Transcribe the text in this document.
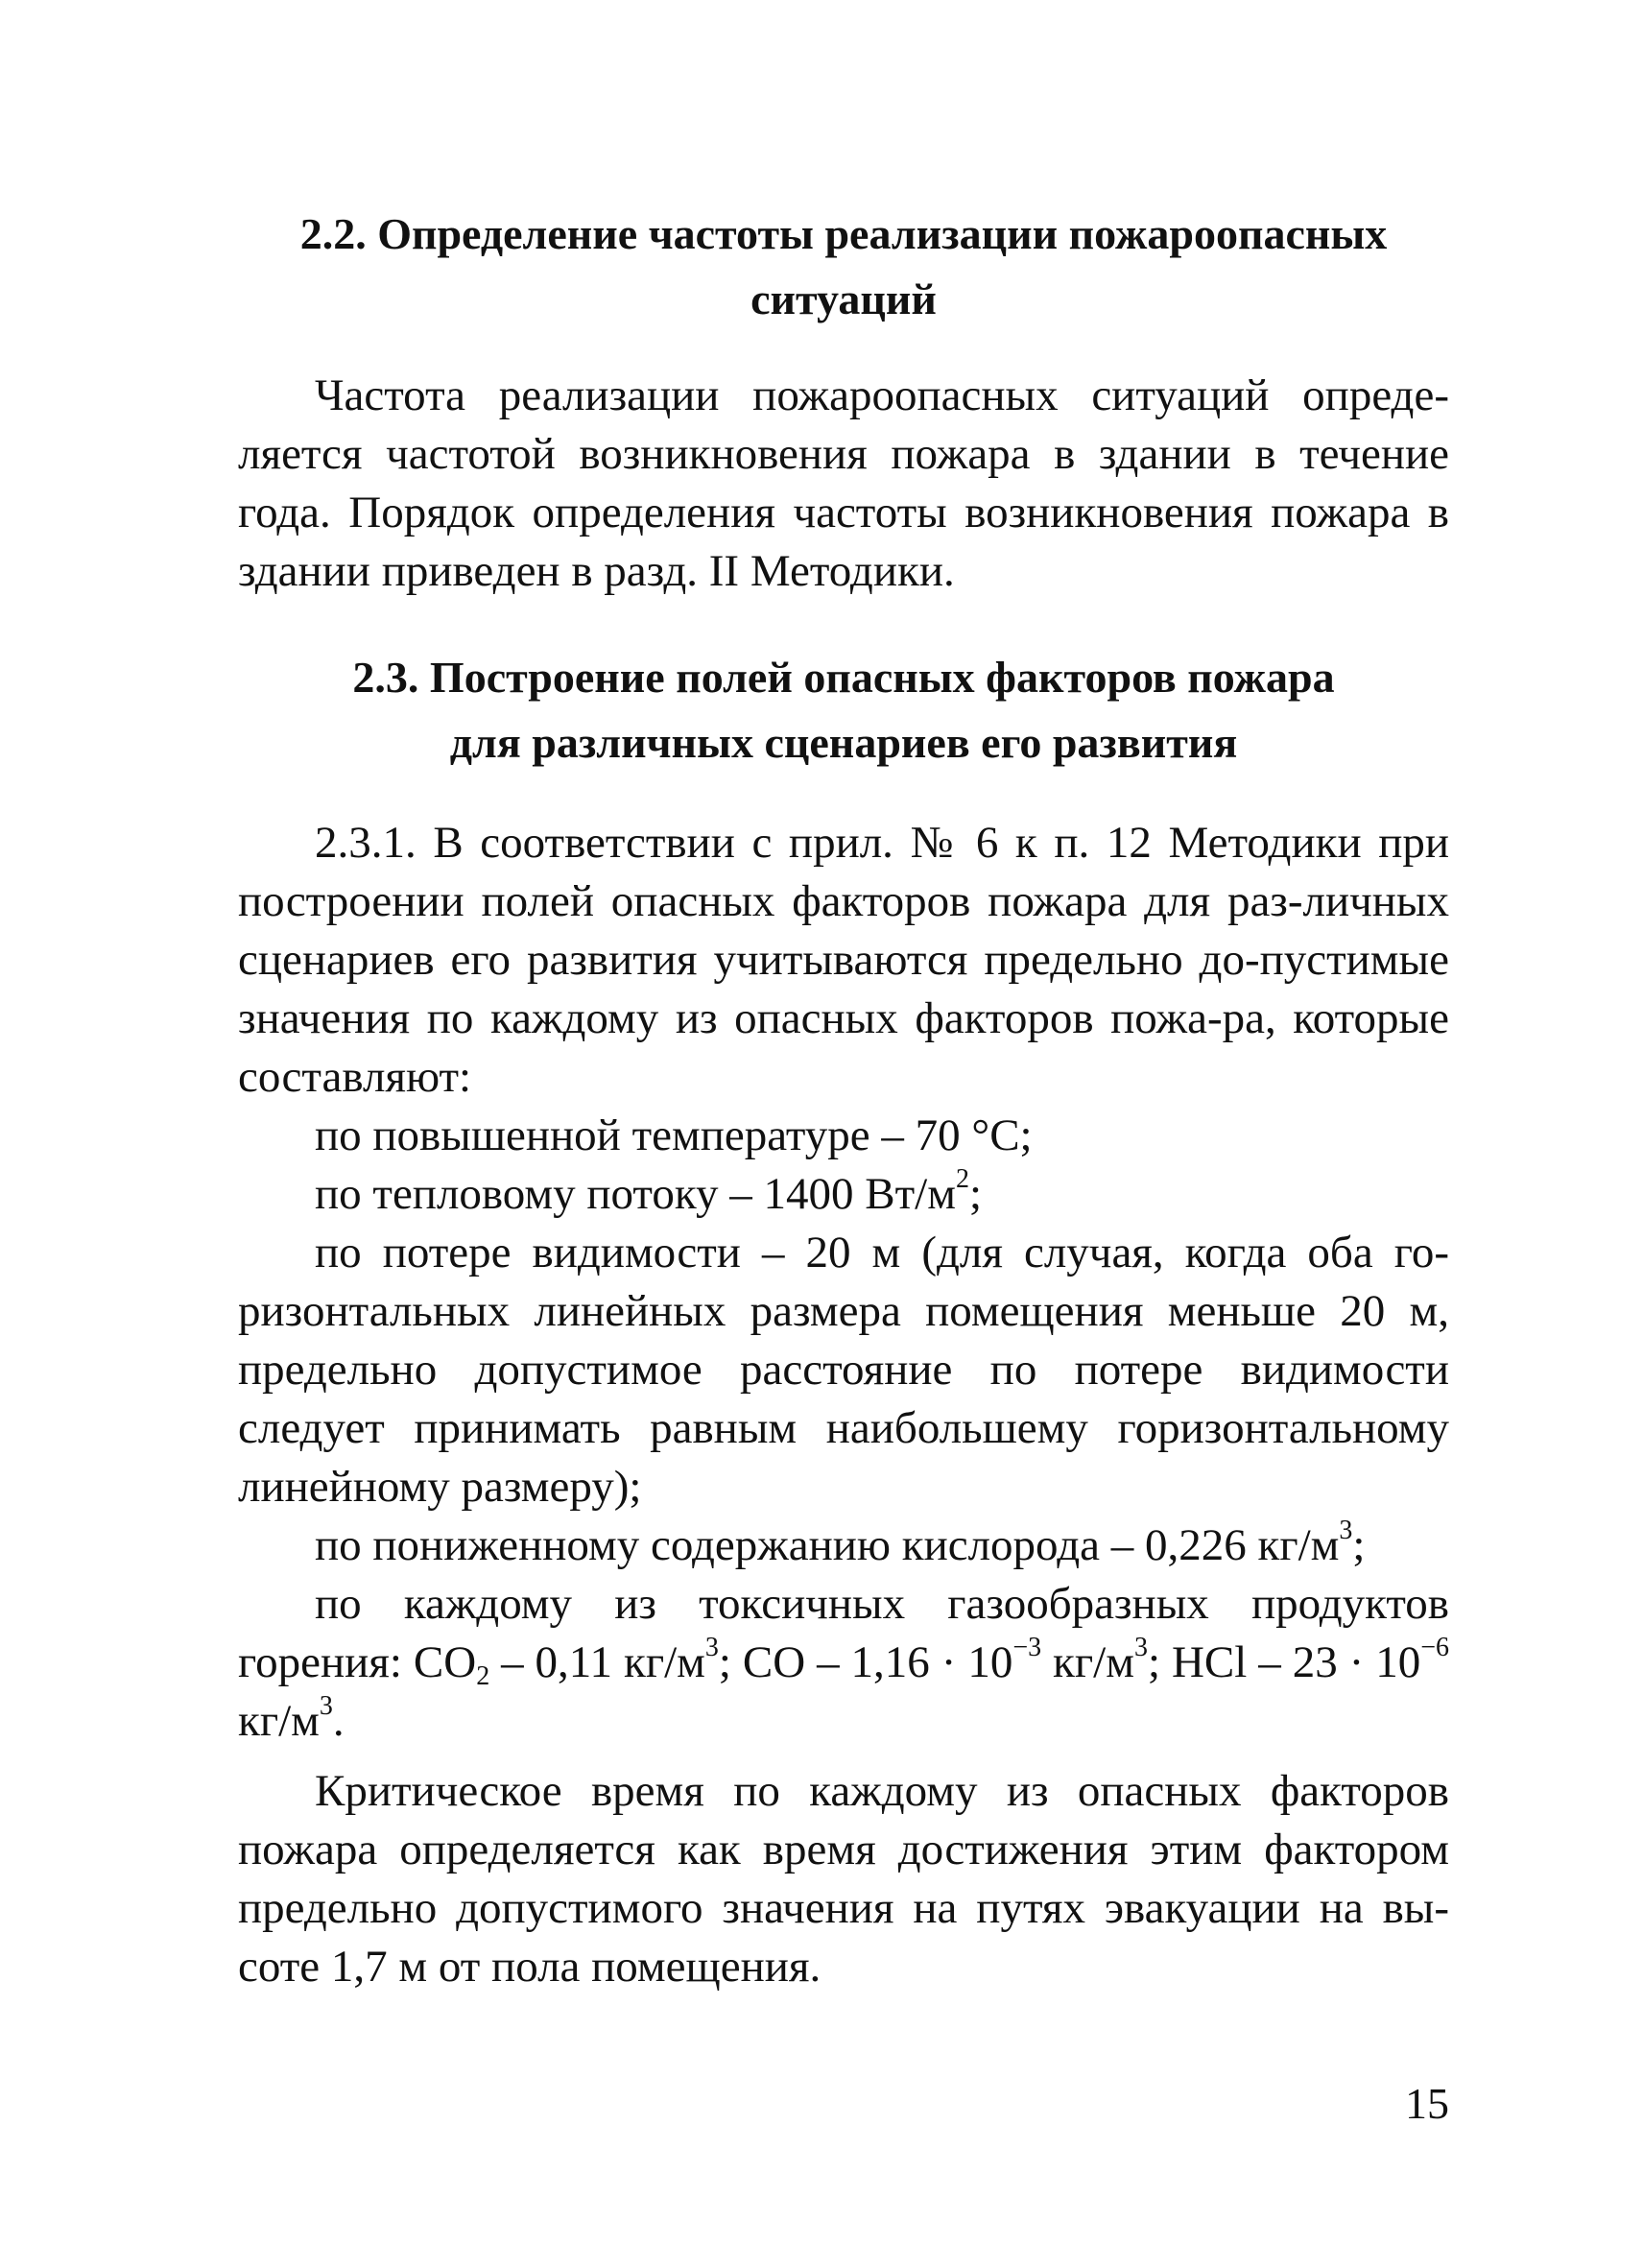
2.2. Определение частоты реализации пожароопасных ситуаций

Частота реализации пожароопасных ситуаций опреде-ляется частотой возникновения пожара в здании в течение года. Порядок определения частоты возникновения пожара в здании приведен в разд. II Методики.

2.3. Построение полей опасных факторов пожара
для различных сценариев его развития

2.3.1. В соответствии с прил. № 6 к п. 12 Методики при построении полей опасных факторов пожара для раз-личных сценариев его развития учитываются предельно до-пустимые значения по каждому из опасных факторов пожа-ра, которые составляют:

по повышенной температуре – 70 °С;

по тепловому потоку – 1400 $Вт/м^2$;

по потере видимости – 20 м (для случая, когда оба го-ризонтальных линейных размера помещения меньше 20 м, предельно допустимое расстояние по потере видимости следует принимать равным наибольшему горизонтальному линейному размеру);

по пониженному содержанию кислорода – 0,226 $кг/м^3$;

по каждому из токсичных газообразных продуктов горения: $СО_2 - 0,11$ $кг/м^3$; СО – $1,16 \cdot 10^{-3}$ $кг/м^3$; HCl – $23 \cdot 10^{-6}$ $кг/м^3$.

Критическое время по каждому из опасных факторов пожара определяется как время достижения этим фактором предельно допустимого значения на путях эвакуации на вы-соте 1,7 м от пола помещения.

15
